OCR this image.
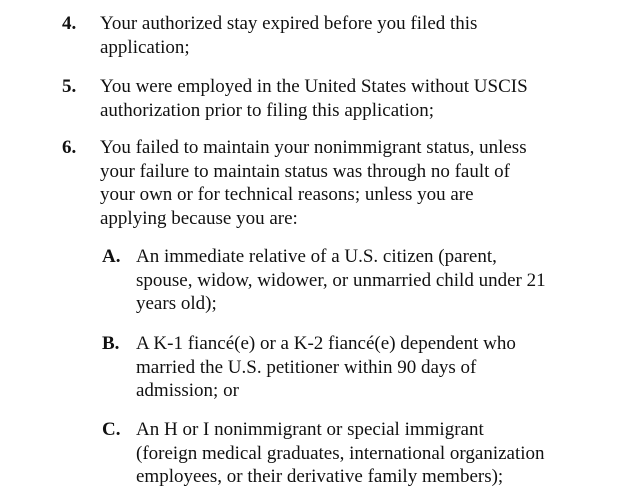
4. Your authorized stay expired before you filed this
application;
5. You were employed in the United States without USCIS
authorization prior to filing this application;
6. You failed to maintain your nonimmigrant status, unless
your failure to maintain status was through no fault of
your own or for technical reasons; unless you are
applying because you are:
A. An immediate relative of a U.S. citizen (parent,
spouse, widow, widower, or unmarried child under 21
years old);
B. A K-1 fiancé(e) or a K-2 fiancé(e) dependent who
married the U.S. petitioner within 90 days of
admission; or
C. An H or I nonimmigrant or special immigrant
(foreign medical graduates, international organization
employees, or their derivative family members);
